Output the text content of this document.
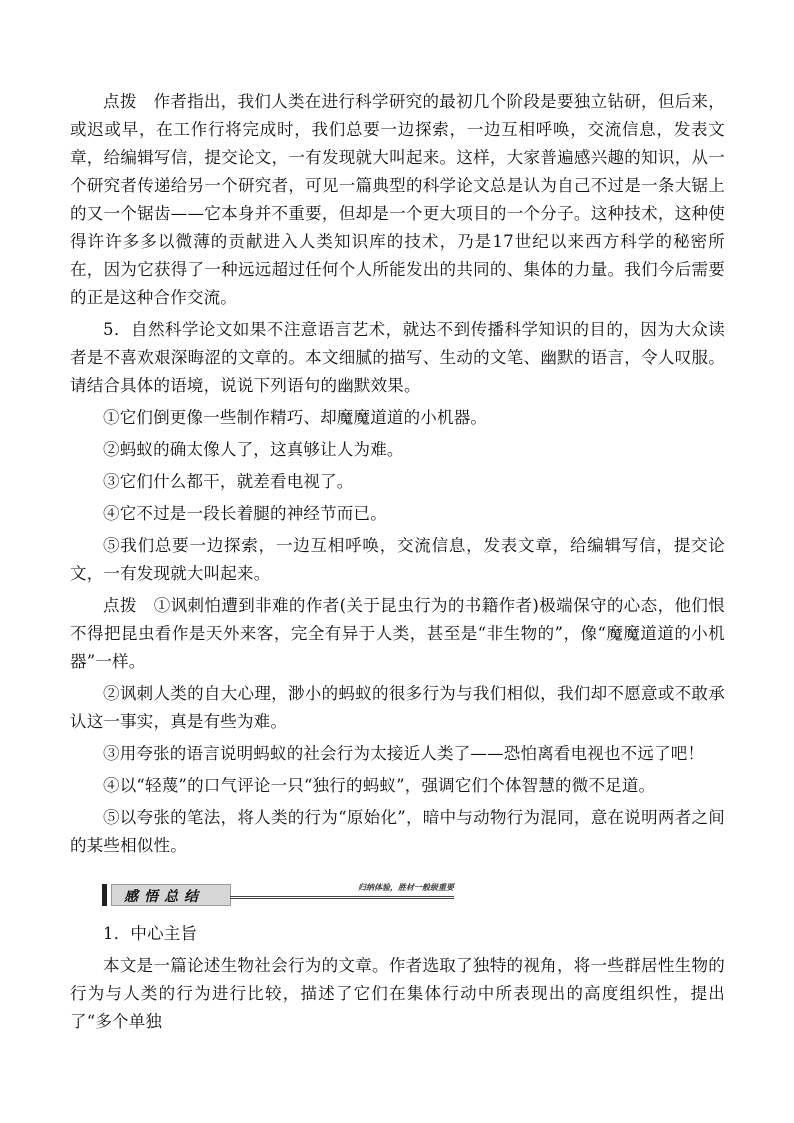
点拨　作者指出，我们人类在进行科学研究的最初几个阶段是要独立钻研，但后来，或迟或早，在工作行将完成时，我们总要一边探索，一边互相呼唤，交流信息，发表文章，给编辑写信，提交论文，一有发现就大叫起来。这样，大家普遍感兴趣的知识，从一个研究者传递给另一个研究者，可见一篇典型的科学论文总是认为自己不过是一条大锯上的又一个锯齿——它本身并不重要，但却是一个更大项目的一个分子。这种技术，这种使得许许多多以微薄的贡献进入人类知识库的技术，乃是17世纪以来西方科学的秘密所在，因为它获得了一种远远超过任何个人所能发出的共同的、集体的力量。我们今后需要的正是这种合作交流。

5．自然科学论文如果不注意语言艺术，就达不到传播科学知识的目的，因为大众读者是不喜欢艰深晦涩的文章的。本文细腻的描写、生动的文笔、幽默的语言，令人叹服。请结合具体的语境，说说下列语句的幽默效果。

①它们倒更像一些制作精巧、却魔魔道道的小机器。

②蚂蚁的确太像人了，这真够让人为难。

③它们什么都干，就差看电视了。

④它不过是一段长着腿的神经节而已。

⑤我们总要一边探索，一边互相呼唤，交流信息，发表文章，给编辑写信，提交论文，一有发现就大叫起来。

点拨　①讽刺怕遭到非难的作者(关于昆虫行为的书籍作者)极端保守的心态，他们恨不得把昆虫看作是天外来客，完全有异于人类，甚至是“非生物的”，像“魔魔道道的小机器”一样。

②讽刺人类的自大心理，渺小的蚂蚁的很多行为与我们相似，我们却不愿意或不敢承认这一事实，真是有些为难。

③用夸张的语言说明蚂蚁的社会行为太接近人类了——恐怕离看电视也不远了吧！

④以“轻蔑”的口气评论一只“独行的蚂蚁”，强调它们个体智慧的微不足道。

⑤以夸张的笔法，将人类的行为“原始化”，暗中与动物行为混同，意在说明两者之间的某些相似性。

感悟总结
归纳体验，胜材一般级重要

1．中心主旨

本文是一篇论述生物社会行为的文章。作者选取了独特的视角，将一些群居性生物的行为与人类的行为进行比较，描述了它们在集体行动中所表现出的高度组织性，提出了“多个单独
